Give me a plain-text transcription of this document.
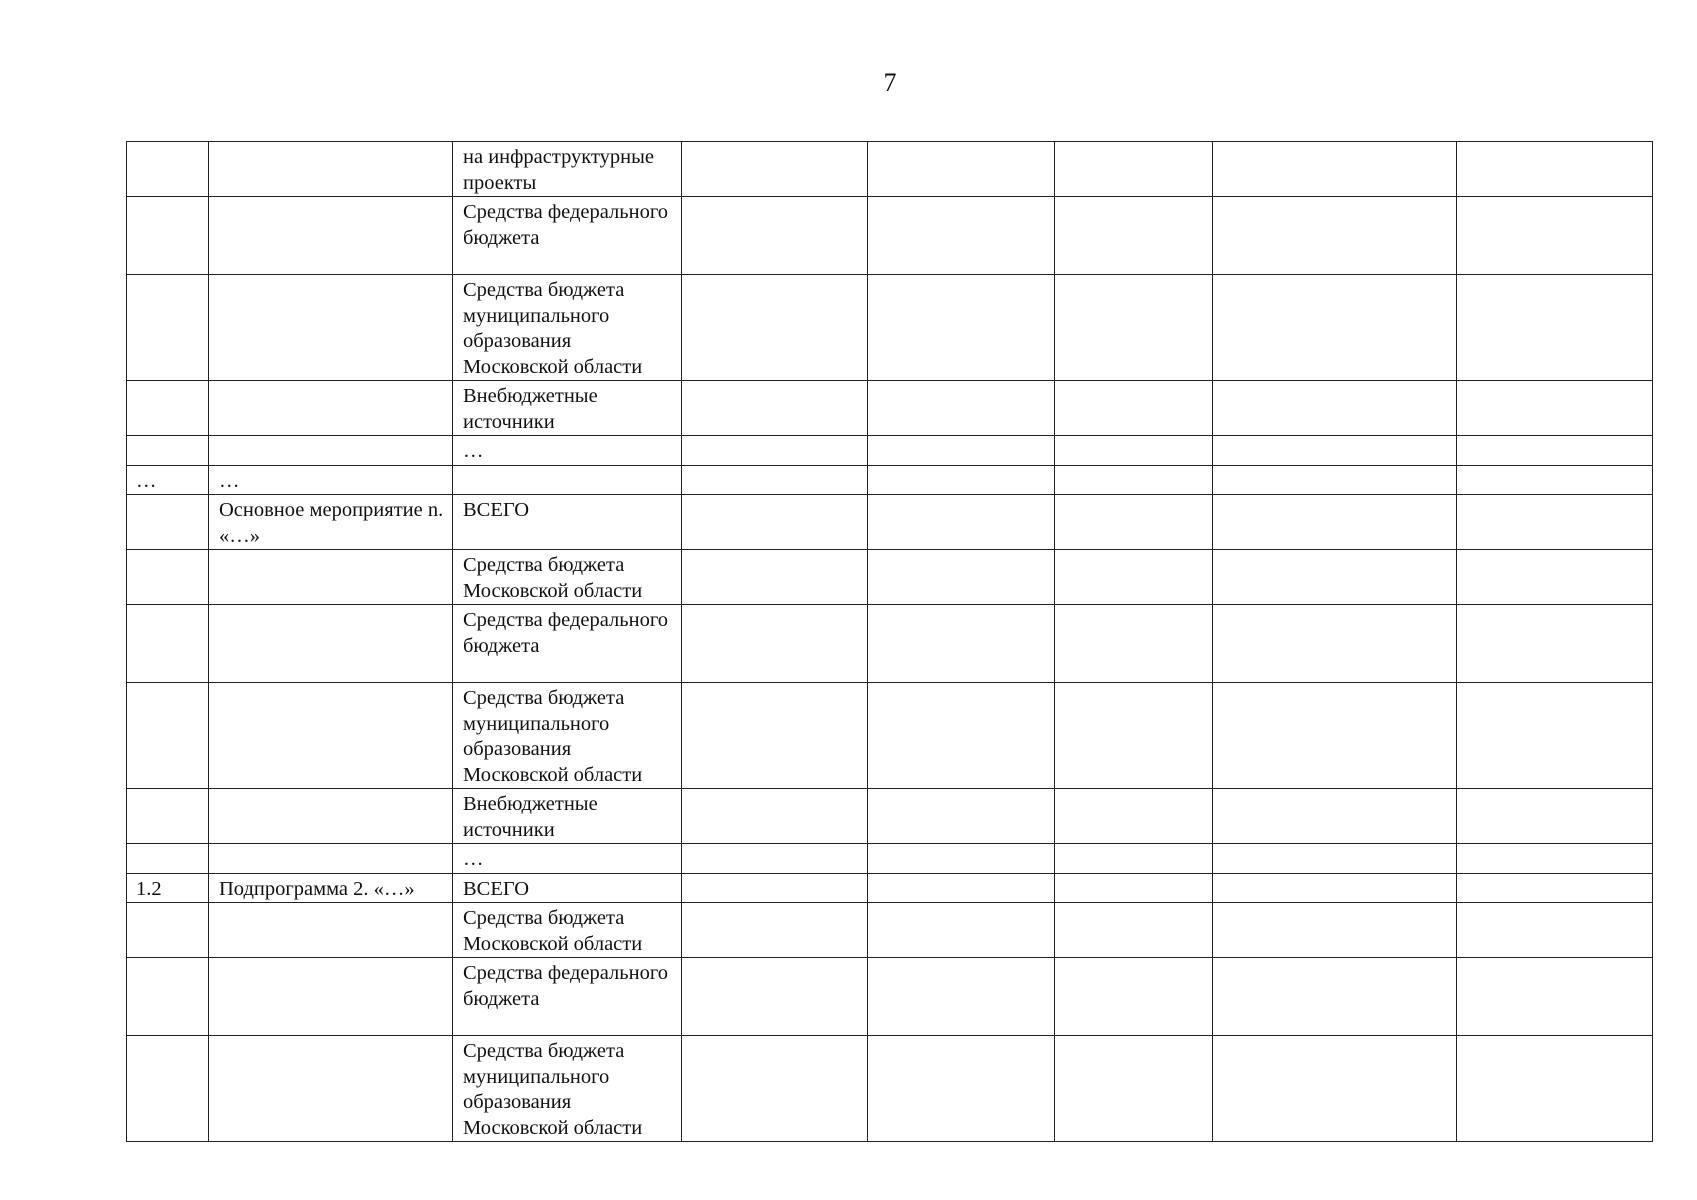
7
		на инфраструктурные проекты					
		Средства федерального бюджета					
		Средства бюджета муниципального образования Московской области					
		Внебюджетные источники					
		…					
…	…						
	Основное мероприятие n. «…»	ВСЕГО					
		Средства бюджета Московской области					
		Средства федерального бюджета					
		Средства бюджета муниципального образования Московской области					
		Внебюджетные источники					
		…					
1.2	Подпрограмма 2. «…»	ВСЕГО					
		Средства бюджета Московской области					
		Средства федерального бюджета					
		Средства бюджета муниципального образования Московской области					
